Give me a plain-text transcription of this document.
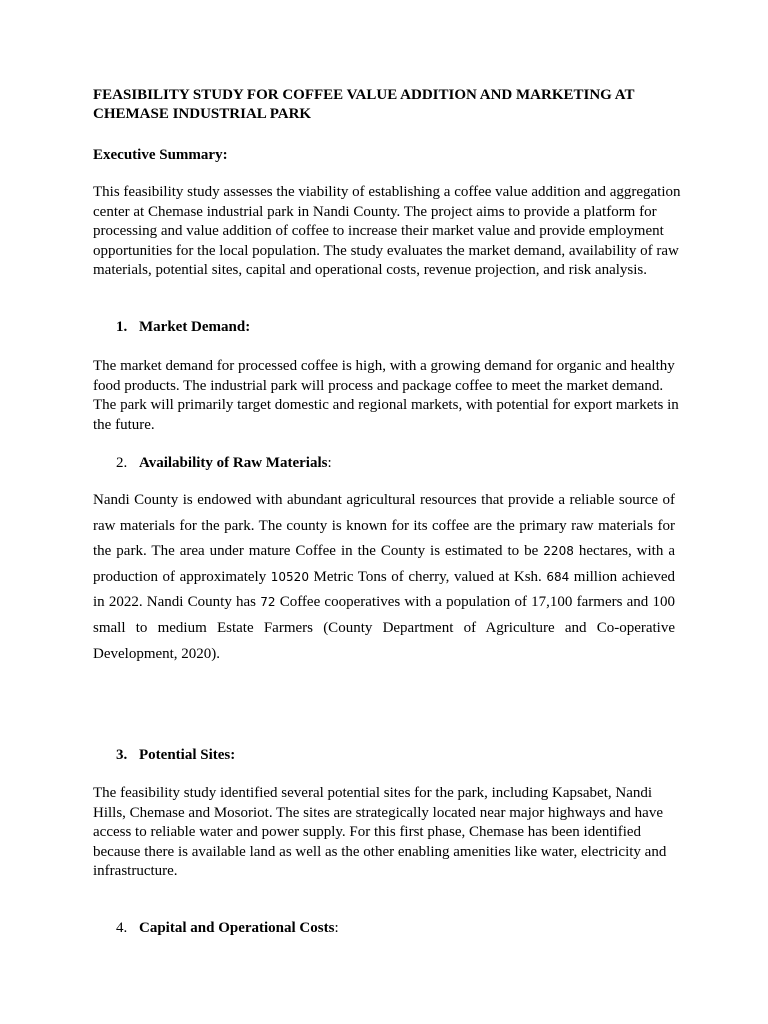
FEASIBILITY STUDY FOR COFFEE VALUE ADDITION AND MARKETING AT CHEMASE INDUSTRIAL PARK

Executive Summary:

This feasibility study assesses the viability of establishing a coffee value addition and aggregation center at Chemase industrial park in Nandi County. The project aims to provide a platform for processing and value addition of coffee to increase their market value and provide employment opportunities for the local population. The study evaluates the market demand, availability of raw materials, potential sites, capital and operational costs, revenue projection, and risk analysis.

1. Market Demand:

The market demand for processed coffee is high, with a growing demand for organic and healthy food products. The industrial park will process and package coffee to meet the market demand. The park will primarily target domestic and regional markets, with potential for export markets in the future.

2. Availability of Raw Materials:

Nandi County is endowed with abundant agricultural resources that provide a reliable source of raw materials for the park. The county is known for its coffee are the primary raw materials for the park. The area under mature Coffee in the County is estimated to be 2208 hectares, with a production of approximately 10520 Metric Tons of cherry, valued at Ksh. 684 million achieved in 2022. Nandi County has 72 Coffee cooperatives with a population of 17,100 farmers and 100 small to medium Estate Farmers (County Department of Agriculture and Co-operative Development, 2020).

3. Potential Sites:

The feasibility study identified several potential sites for the park, including Kapsabet, Nandi Hills, Chemase and Mosoriot. The sites are strategically located near major highways and have access to reliable water and power supply. For this first phase, Chemase has been identified because there is available land as well as the other enabling amenities like water, electricity and infrastructure.

4. Capital and Operational Costs:
